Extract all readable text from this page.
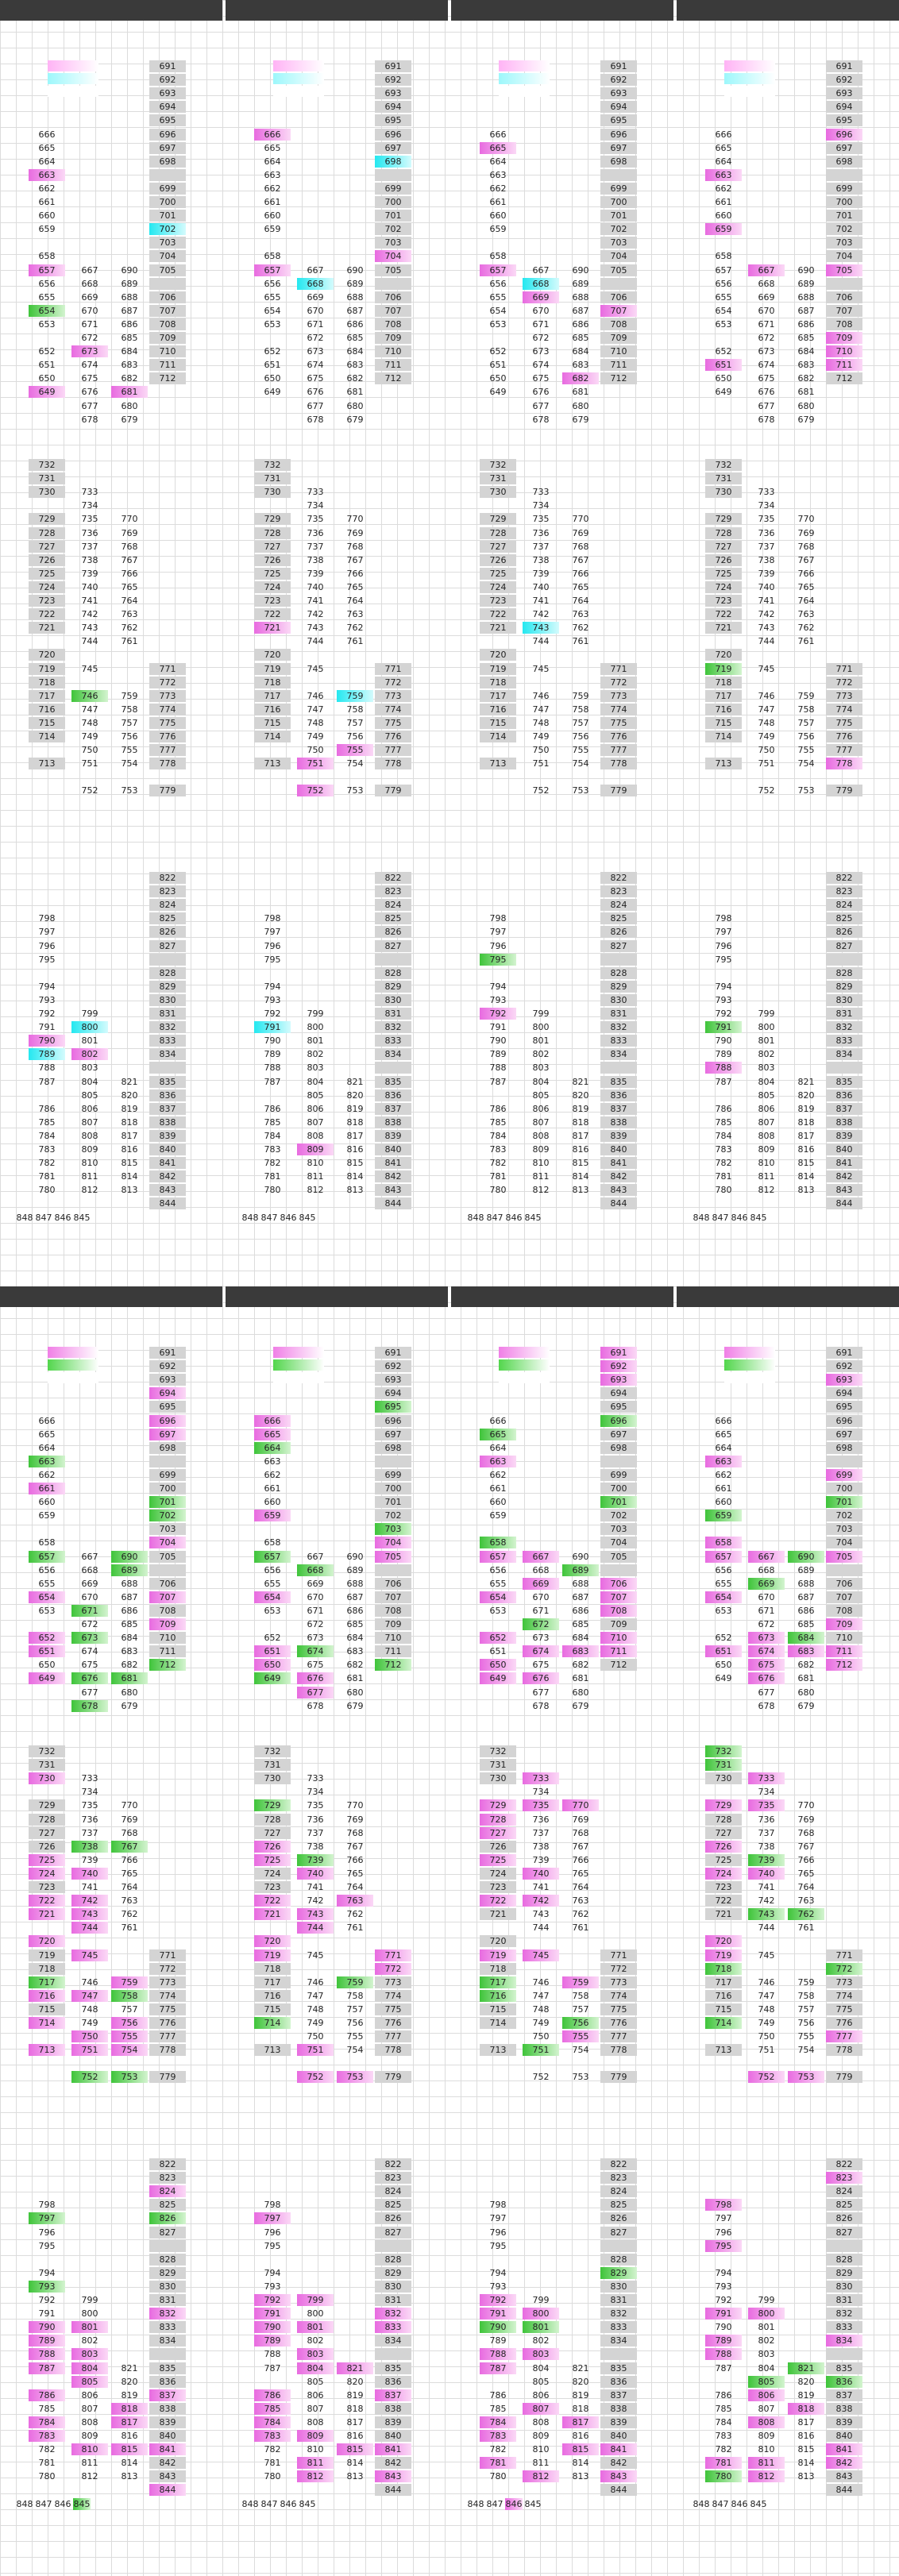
666
665
664
663
662
661
660
659
658
657
656
655
654
653
652
651
650
649
667
668
669
670
671
672
673
674
675
676
677
678
690
689
688
687
686
685
684
683
682
681
680
679
691
692
693
694
695
696
697
698
699
700
701
702
703
704
705
706
707
708
709
710
711
712
732
731
730
729
728
727
726
725
724
723
722
721
720
719
718
717
716
715
714
713
733
734
735
736
737
738
739
740
741
742
743
744
745
746
747
748
749
750
751
752
770
769
768
767
766
765
764
763
762
761
759
758
757
756
755
754
753
771
772
773
774
775
776
777
778
779
798
797
796
795
794
793
792
791
790
789
788
787
786
785
784
783
782
781
780
799
800
801
802
803
804
805
806
807
808
809
810
811
812
821
820
819
818
817
816
815
814
813
822
823
824
825
826
827
828
829
830
831
832
833
834
835
836
837
838
839
840
841
842
843
844
848 847 846 845
666
665
664
663
662
661
660
659
658
657
656
655
654
653
652
651
650
649
667
668
669
670
671
672
673
674
675
676
677
678
690
689
688
687
686
685
684
683
682
681
680
679
691
692
693
694
695
696
697
698
699
700
701
702
703
704
705
706
707
708
709
710
711
712
732
731
730
729
728
727
726
725
724
723
722
721
720
719
718
717
716
715
714
713
733
734
735
736
737
738
739
740
741
742
743
744
745
746
747
748
749
750
751
752
770
769
768
767
766
765
764
763
762
761
759
758
757
756
755
754
753
771
772
773
774
775
776
777
778
779
798
797
796
795
794
793
792
791
790
789
788
787
786
785
784
783
782
781
780
799
800
801
802
803
804
805
806
807
808
809
810
811
812
821
820
819
818
817
816
815
814
813
822
823
824
825
826
827
828
829
830
831
832
833
834
835
836
837
838
839
840
841
842
843
844
848 847 846 845
666
665
664
663
662
661
660
659
658
657
656
655
654
653
652
651
650
649
667
668
669
670
671
672
673
674
675
676
677
678
690
689
688
687
686
685
684
683
682
681
680
679
691
692
693
694
695
696
697
698
699
700
701
702
703
704
705
706
707
708
709
710
711
712
732
731
730
729
728
727
726
725
724
723
722
721
720
719
718
717
716
715
714
713
733
734
735
736
737
738
739
740
741
742
743
744
745
746
747
748
749
750
751
752
770
769
768
767
766
765
764
763
762
761
759
758
757
756
755
754
753
771
772
773
774
775
776
777
778
779
798
797
796
795
794
793
792
791
790
789
788
787
786
785
784
783
782
781
780
799
800
801
802
803
804
805
806
807
808
809
810
811
812
821
820
819
818
817
816
815
814
813
822
823
824
825
826
827
828
829
830
831
832
833
834
835
836
837
838
839
840
841
842
843
844
848 847 846 845
666
665
664
663
662
661
660
659
658
657
656
655
654
653
652
651
650
649
667
668
669
670
671
672
673
674
675
676
677
678
690
689
688
687
686
685
684
683
682
681
680
679
691
692
693
694
695
696
697
698
699
700
701
702
703
704
705
706
707
708
709
710
711
712
732
731
730
729
728
727
726
725
724
723
722
721
720
719
718
717
716
715
714
713
733
734
735
736
737
738
739
740
741
742
743
744
745
746
747
748
749
750
751
752
770
769
768
767
766
765
764
763
762
761
759
758
757
756
755
754
753
771
772
773
774
775
776
777
778
779
798
797
796
795
794
793
792
791
790
789
788
787
786
785
784
783
782
781
780
799
800
801
802
803
804
805
806
807
808
809
810
811
812
821
820
819
818
817
816
815
814
813
822
823
824
825
826
827
828
829
830
831
832
833
834
835
836
837
838
839
840
841
842
843
844
848 847 846 845
666
665
664
663
662
661
660
659
658
657
656
655
654
653
652
651
650
649
667
668
669
670
671
672
673
674
675
676
677
678
690
689
688
687
686
685
684
683
682
681
680
679
691
692
693
694
695
696
697
698
699
700
701
702
703
704
705
706
707
708
709
710
711
712
732
731
730
729
728
727
726
725
724
723
722
721
720
719
718
717
716
715
714
713
733
734
735
736
737
738
739
740
741
742
743
744
745
746
747
748
749
750
751
752
770
769
768
767
766
765
764
763
762
761
759
758
757
756
755
754
753
771
772
773
774
775
776
777
778
779
798
797
796
795
794
793
792
791
790
789
788
787
786
785
784
783
782
781
780
799
800
801
802
803
804
805
806
807
808
809
810
811
812
821
820
819
818
817
816
815
814
813
822
823
824
825
826
827
828
829
830
831
832
833
834
835
836
837
838
839
840
841
842
843
844
848 847 846 845
666
665
664
663
662
661
660
659
658
657
656
655
654
653
652
651
650
649
667
668
669
670
671
672
673
674
675
676
677
678
690
689
688
687
686
685
684
683
682
681
680
679
691
692
693
694
695
696
697
698
699
700
701
702
703
704
705
706
707
708
709
710
711
712
732
731
730
729
728
727
726
725
724
723
722
721
720
719
718
717
716
715
714
713
733
734
735
736
737
738
739
740
741
742
743
744
745
746
747
748
749
750
751
752
770
769
768
767
766
765
764
763
762
761
759
758
757
756
755
754
753
771
772
773
774
775
776
777
778
779
798
797
796
795
794
793
792
791
790
789
788
787
786
785
784
783
782
781
780
799
800
801
802
803
804
805
806
807
808
809
810
811
812
821
820
819
818
817
816
815
814
813
822
823
824
825
826
827
828
829
830
831
832
833
834
835
836
837
838
839
840
841
842
843
844
848 847 846 845
666
665
664
663
662
661
660
659
658
657
656
655
654
653
652
651
650
649
667
668
669
670
671
672
673
674
675
676
677
678
690
689
688
687
686
685
684
683
682
681
680
679
691
692
693
694
695
696
697
698
699
700
701
702
703
704
705
706
707
708
709
710
711
712
732
731
730
729
728
727
726
725
724
723
722
721
720
719
718
717
716
715
714
713
733
734
735
736
737
738
739
740
741
742
743
744
745
746
747
748
749
750
751
752
770
769
768
767
766
765
764
763
762
761
759
758
757
756
755
754
753
771
772
773
774
775
776
777
778
779
798
797
796
795
794
793
792
791
790
789
788
787
786
785
784
783
782
781
780
799
800
801
802
803
804
805
806
807
808
809
810
811
812
821
820
819
818
817
816
815
814
813
822
823
824
825
826
827
828
829
830
831
832
833
834
835
836
837
838
839
840
841
842
843
844
848 847 846 845
666
665
664
663
662
661
660
659
658
657
656
655
654
653
652
651
650
649
667
668
669
670
671
672
673
674
675
676
677
678
690
689
688
687
686
685
684
683
682
681
680
679
691
692
693
694
695
696
697
698
699
700
701
702
703
704
705
706
707
708
709
710
711
712
732
731
730
729
728
727
726
725
724
723
722
721
720
719
718
717
716
715
714
713
733
734
735
736
737
738
739
740
741
742
743
744
745
746
747
748
749
750
751
752
770
769
768
767
766
765
764
763
762
761
759
758
757
756
755
754
753
771
772
773
774
775
776
777
778
779
798
797
796
795
794
793
792
791
790
789
788
787
786
785
784
783
782
781
780
799
800
801
802
803
804
805
806
807
808
809
810
811
812
821
820
819
818
817
816
815
814
813
822
823
824
825
826
827
828
829
830
831
832
833
834
835
836
837
838
839
840
841
842
843
844
848 847 846 845
